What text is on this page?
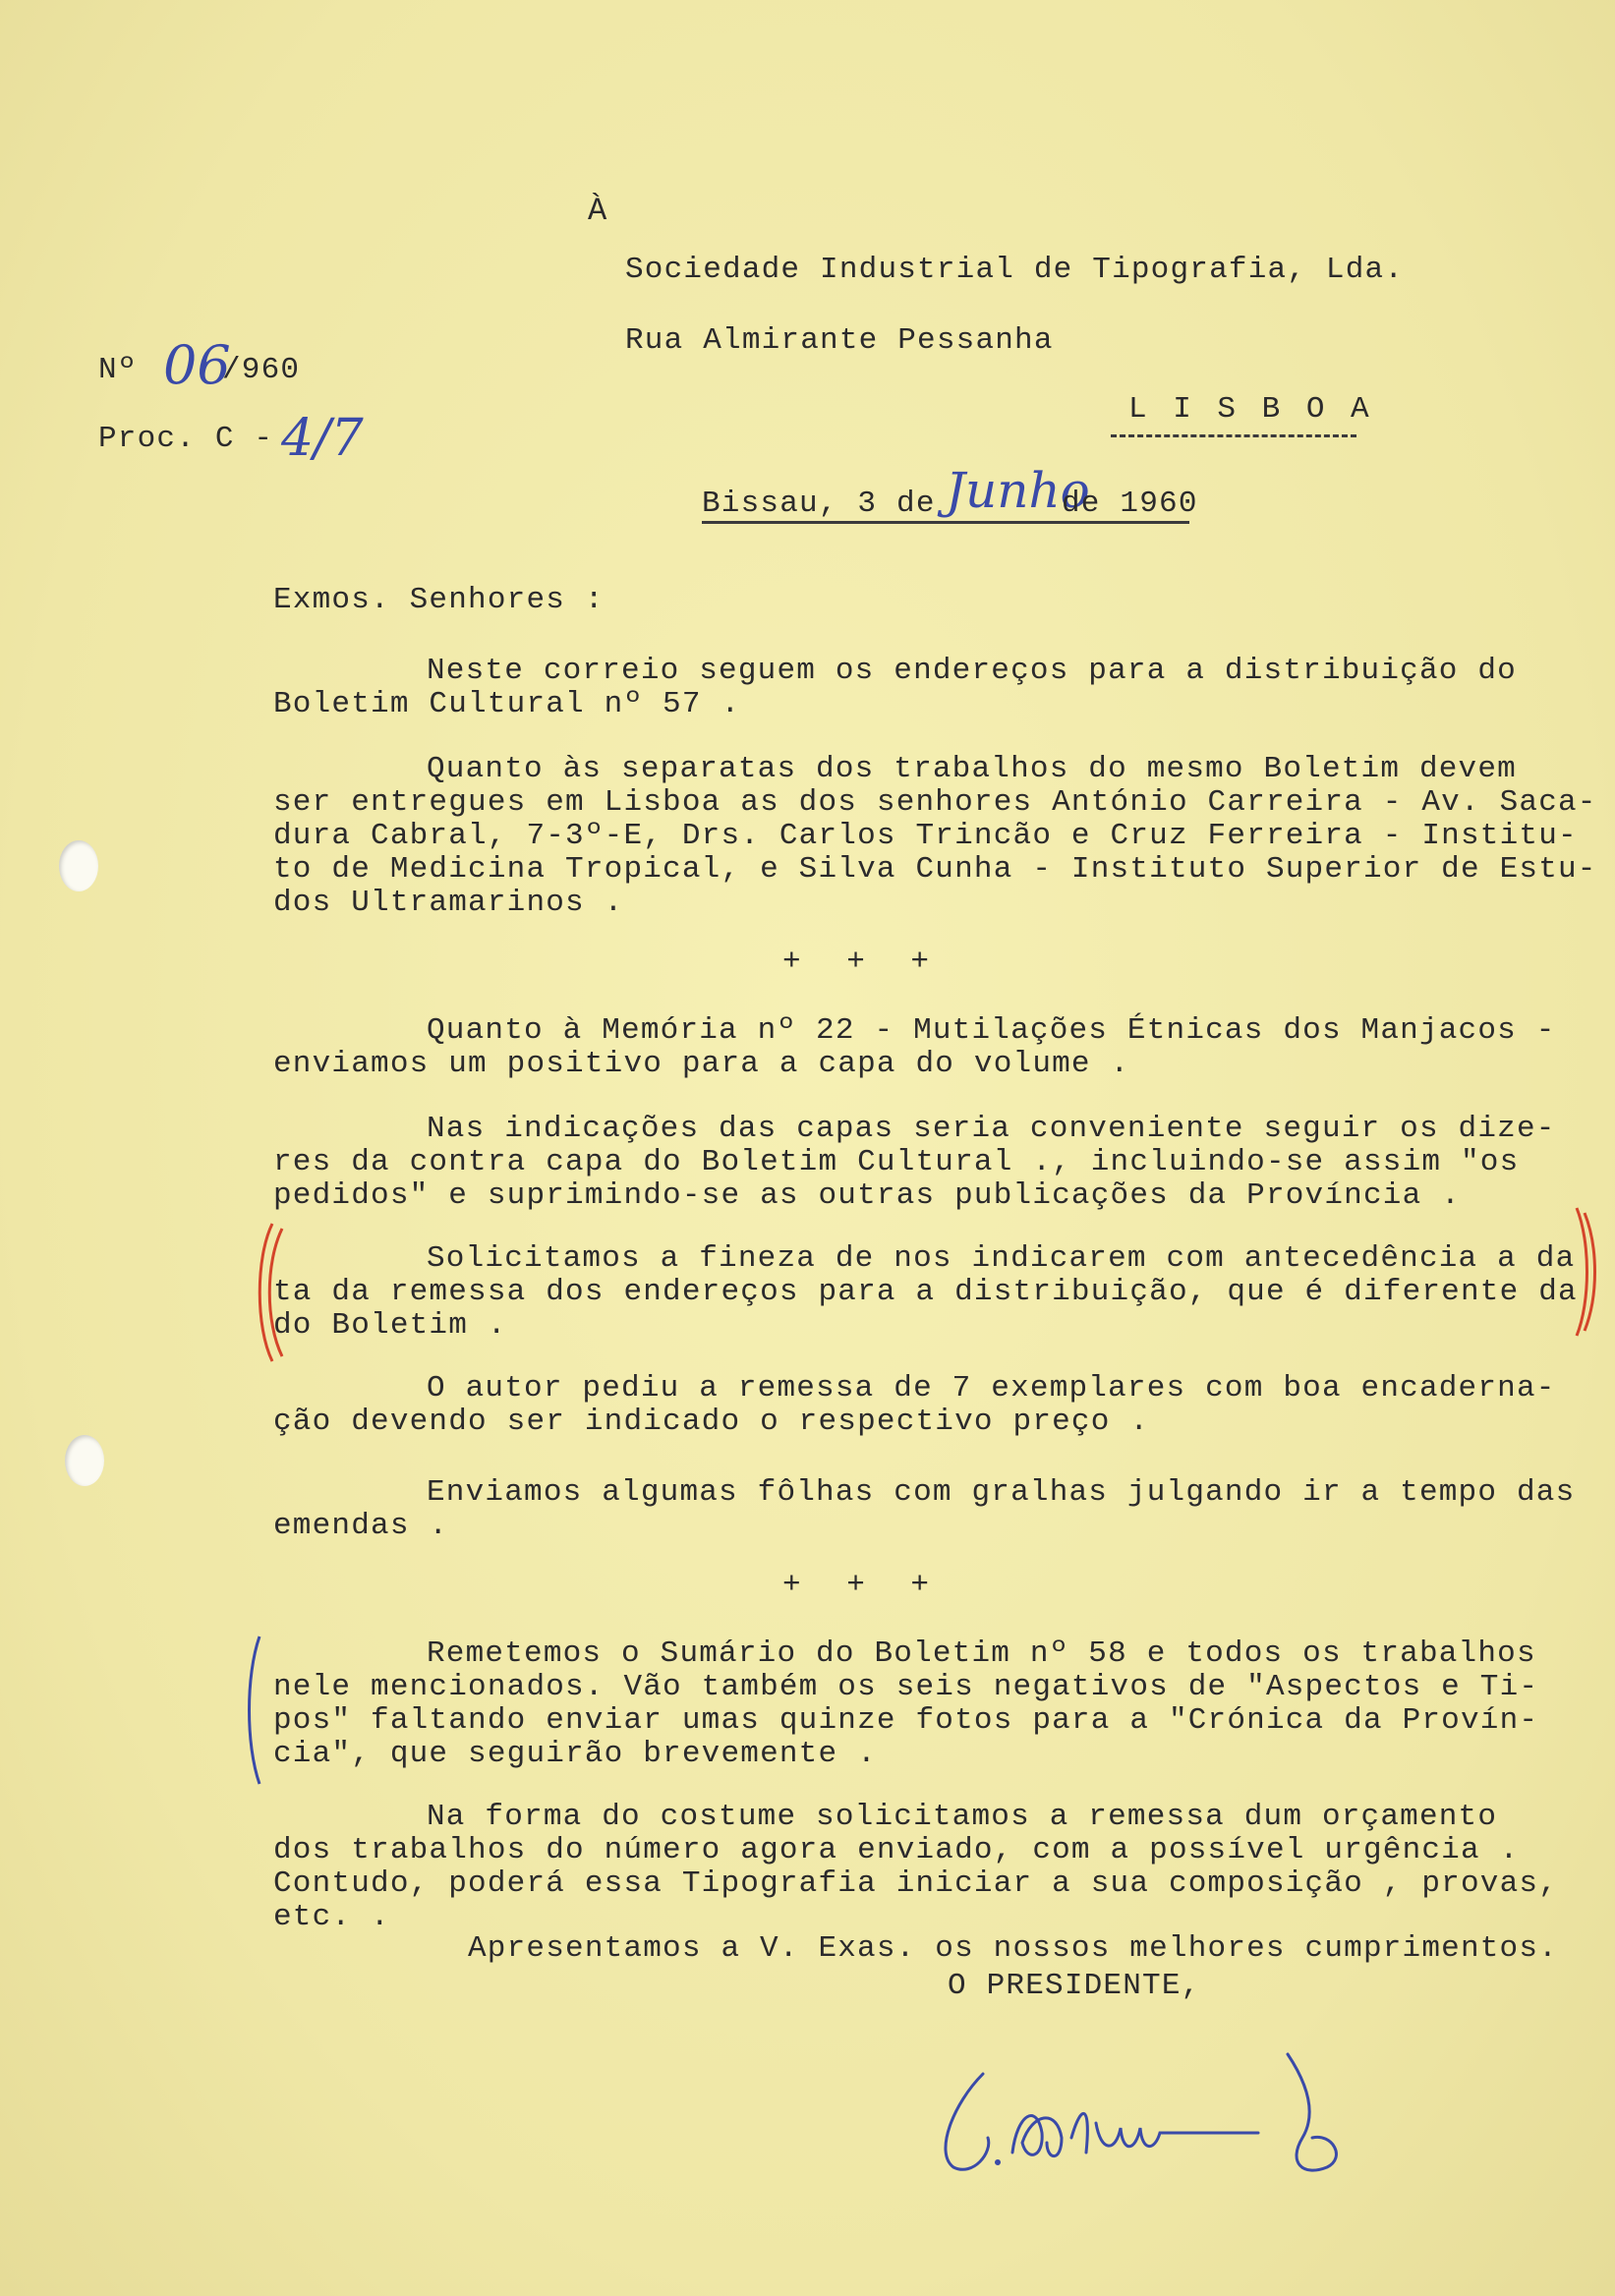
À
Sociedade Industrial de Tipografia, Lda.
Rua Almirante Pessanha
L I S B O A
Nº 06
/960
Proc. C - 4/7
Bissau, 3 de Junho
de 1960
Exmos. Senhores :
Neste correio seguem os endereços para a distribuição do
Boletim Cultural nº 57 .
Quanto às separatas dos trabalhos do mesmo Boletim devem
ser entregues em Lisboa as dos senhores António Carreira - Av. Saca-
dura Cabral, 7-3º-E, Drs. Carlos Trincão e Cruz Ferreira - Institu-
to de Medicina Tropical, e Silva Cunha - Instituto Superior de Estu-
dos Ultramarinos .
+ + +
Quanto à Memória nº 22 - Mutilações Étnicas dos Manjacos -
enviamos um positivo para a capa do volume .
Nas indicações das capas seria conveniente seguir os dize-
res da contra capa do Boletim Cultural ., incluindo-se assim "os
pedidos" e suprimindo-se as outras publicações da Província .
Solicitamos a fineza de nos indicarem com antecedência a da
ta da remessa dos endereços para a distribuição, que é diferente da
do Boletim .
O autor pediu a remessa de 7 exemplares com boa encaderna-
ção devendo ser indicado o respectivo preço .
Enviamos algumas fôlhas com gralhas julgando ir a tempo das
emendas .
+ + +
Remetemos o Sumário do Boletim nº 58 e todos os trabalhos
nele mencionados. Vão também os seis negativos de "Aspectos e Ti-
pos" faltando enviar umas quinze fotos para a "Crónica da Provín-
cia", que seguirão brevemente .
Na forma do costume solicitamos a remessa dum orçamento
dos trabalhos do número agora enviado, com a possível urgência .
Contudo, poderá essa Tipografia iniciar a sua composição , provas,
etc. .
Apresentamos a V. Exas. os nossos melhores cumprimentos.
O PRESIDENTE,
